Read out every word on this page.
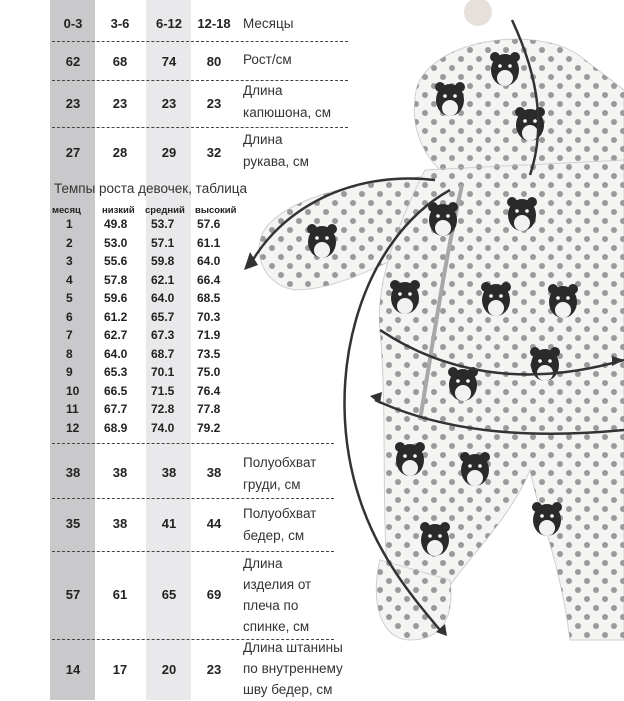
0-3	3-6	6-12	12-18 Месяцы
62	68	74	80	Рост/см
23	23	23	23
Длина
капюшона, см
27	28	29	32
Длина
рукава, см
Темпы роста девочек, таблица
месяц низкий средний высокий
1	49.8 53.7 57.6
2	53.0 57.1 61.1
3	55.6 59.8 64.0
4	57.8 62.1 66.4
5	59.6 64.0 68.5
6	61.2 65.7 70.3
7	62.7 67.3 71.9
8	64.0 68.7 73.5
9	65.3 70.1 75.0
10 66.5 71.5 76.4
11 67.7 72.8 77.8
12 68.9 74.0 79.2
38	38	38	38
Полуобхват
груди, см
35	38	41	44
Полуобхват
бедер, см
57	61	65	69
Длина
изделия от
плеча по
спинке, см
14	17	20	23
Длина штанины
по внутреннему
шву бедер, см
